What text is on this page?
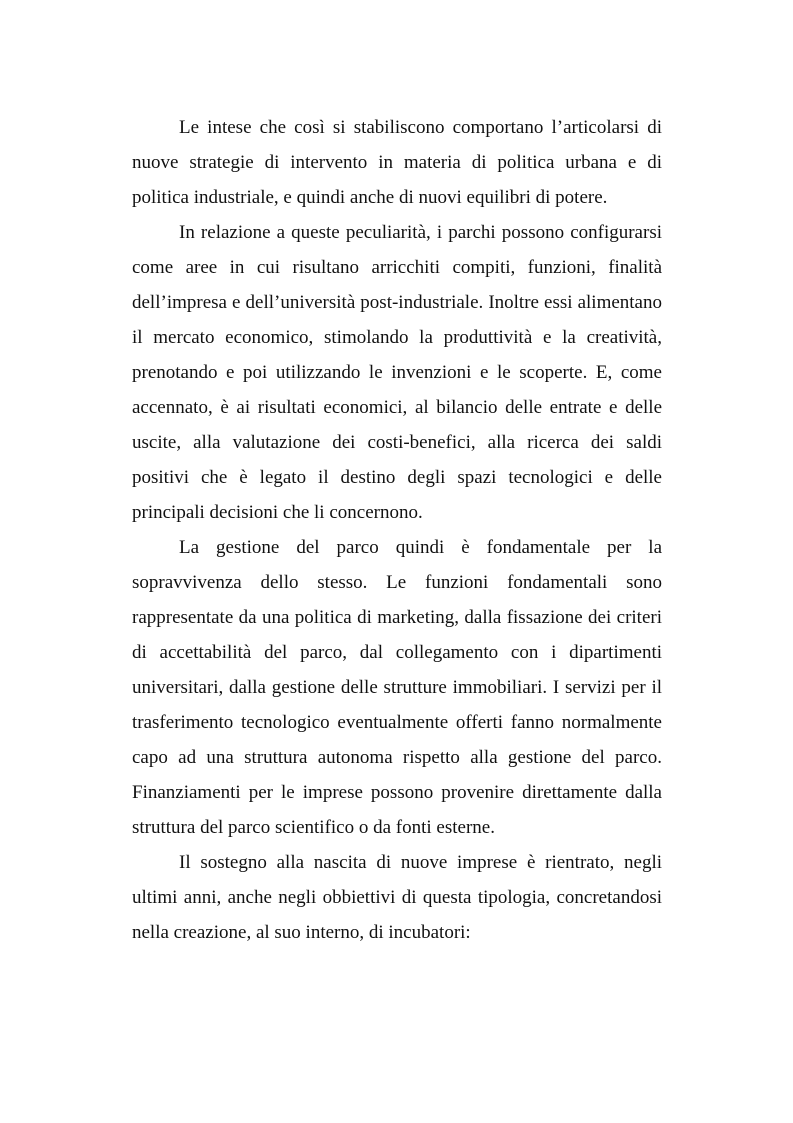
Le intese che così si stabiliscono comportano l’articolarsi di nuove strategie di intervento in materia di politica urbana e di politica industriale, e quindi anche di nuovi equilibri di potere.

In relazione a queste peculiarità, i parchi possono configurarsi come aree in cui risultano arricchiti compiti, funzioni, finalità dell’impresa e dell’università post-industriale. Inoltre essi alimentano il mercato economico, stimolando la produttività e la creatività, prenotando e poi utilizzando le invenzioni e le scoperte. E, come accennato, è ai risultati economici, al bilancio delle entrate e delle uscite, alla valutazione dei costi-benefici, alla ricerca dei saldi positivi che è legato il destino degli spazi tecnologici e delle principali decisioni che li concernono.

La gestione del parco quindi è fondamentale per la sopravvivenza dello stesso. Le funzioni fondamentali sono rappresentate da una politica di marketing, dalla fissazione dei criteri di accettabilità del parco, dal collegamento con i dipartimenti universitari, dalla gestione delle strutture immobiliari. I servizi per il trasferimento tecnologico eventualmente offerti fanno normalmente capo ad una struttura autonoma rispetto alla gestione del parco. Finanziamenti per le imprese possono provenire direttamente dalla struttura del parco scientifico o da fonti esterne.

Il sostegno alla nascita di nuove imprese è rientrato, negli ultimi anni, anche negli obbiettivi di questa tipologia, concretandosi nella creazione, al suo interno, di incubatori:
